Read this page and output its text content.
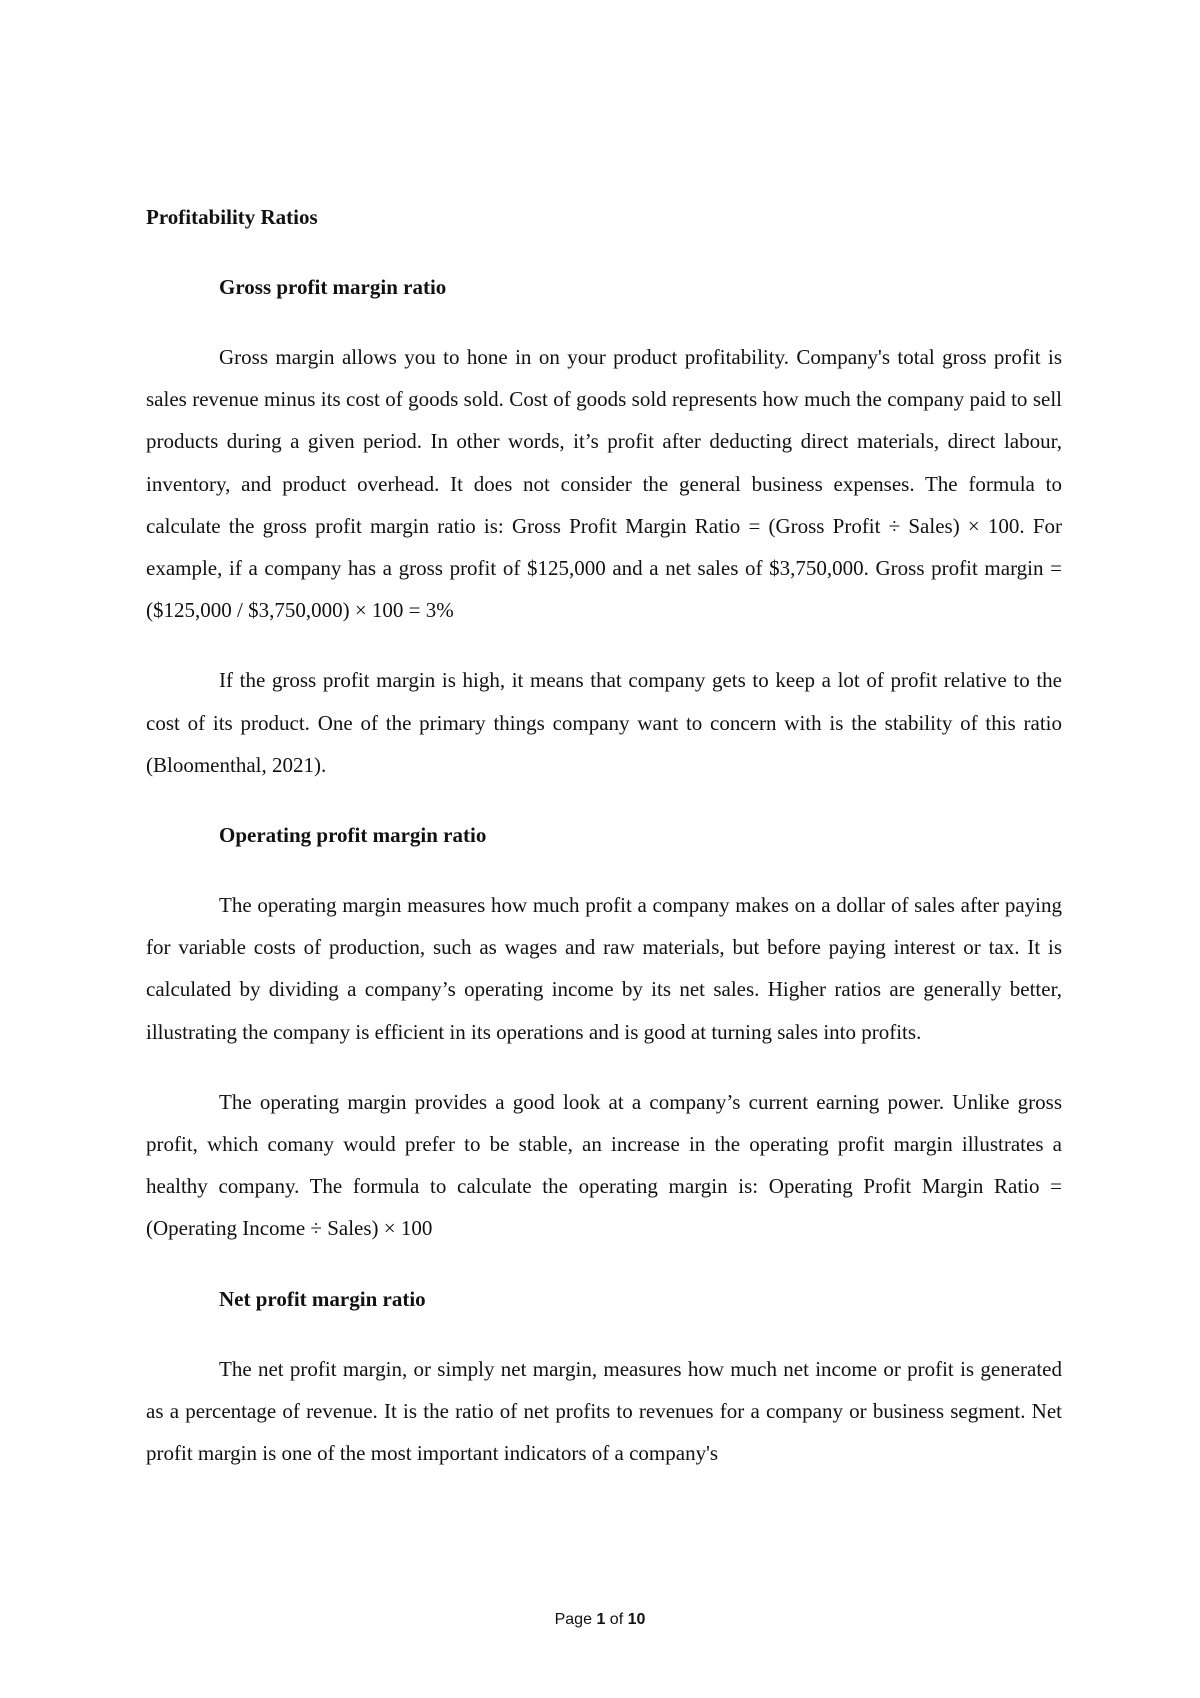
Profitability Ratios
Gross profit margin ratio

Gross margin allows you to hone in on your product profitability. Company's total gross profit is sales revenue minus its cost of goods sold. Cost of goods sold represents how much the company paid to sell products during a given period. In other words, it’s profit after deducting direct materials, direct labour, inventory, and product overhead. It does not consider the general business expenses. The formula to calculate the gross profit margin ratio is: Gross Profit Margin Ratio = (Gross Profit ÷ Sales) × 100. For example, if a company has a gross profit of $125,000 and a net sales of $3,750,000. Gross profit margin = ($125,000 / $3,750,000) × 100 = 3%

If the gross profit margin is high, it means that company gets to keep a lot of profit relative to the cost of its product. One of the primary things company want to concern with is the stability of this ratio (Bloomenthal, 2021).

Operating profit margin ratio

The operating margin measures how much profit a company makes on a dollar of sales after paying for variable costs of production, such as wages and raw materials, but before paying interest or tax. It is calculated by dividing a company’s operating income by its net sales. Higher ratios are generally better, illustrating the company is efficient in its operations and is good at turning sales into profits.

The operating margin provides a good look at a company’s current earning power. Unlike gross profit, which comany would prefer to be stable, an increase in the operating profit margin illustrates a healthy company. The formula to calculate the operating margin is: Operating Profit Margin Ratio = (Operating Income ÷ Sales) × 100

Net profit margin ratio

The net profit margin, or simply net margin, measures how much net income or profit is generated as a percentage of revenue. It is the ratio of net profits to revenues for a company or business segment. Net profit margin is one of the most important indicators of a company's

Page 1 of 10
